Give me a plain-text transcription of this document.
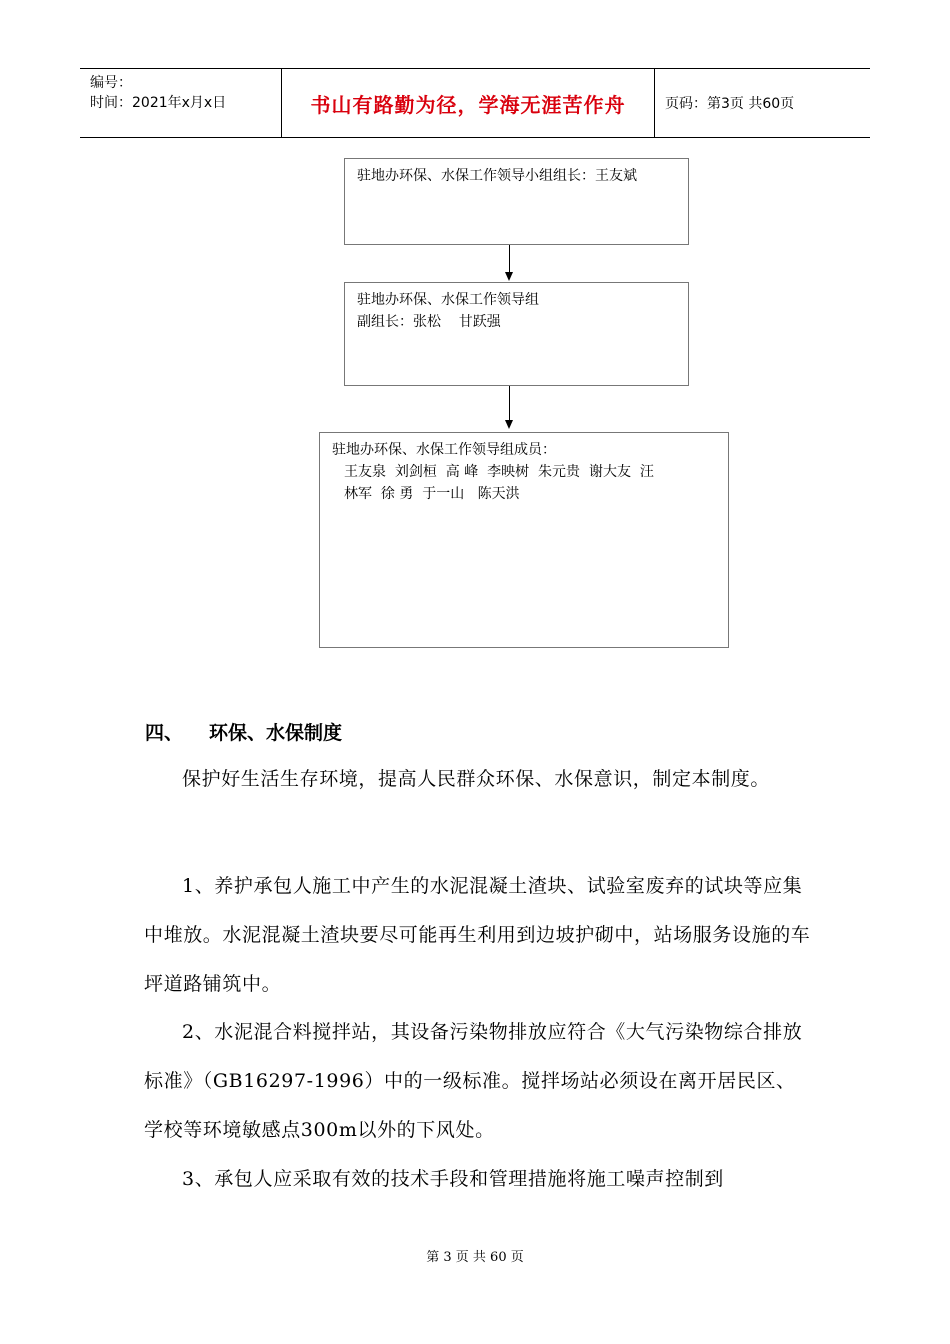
编号：
时间：2021年x月x日	书山有路勤为径，学海无涯苦作舟	页码：第3页 共60页
驻地办环保、水保工作领导小组组长：王友斌
驻地办环保、水保工作领导组
副组长：张松    甘跃强
驻地办环保、水保工作领导组成员：
王友泉  刘剑桓  高 峰  李映树  朱元贵  谢大友  汪
林军  徐 勇  于一山   陈天洪
四、 环保、水保制度
保护好生活生存环境，提高人民群众环保、水保意识，制定本制度。
1、养护承包人施工中产生的水泥混凝土渣块、试验室废弃的试块等应集中堆放。水泥混凝土渣块要尽可能再生利用到边坡护砌中，站场服务设施的车坪道路铺筑中。
2、水泥混合料搅拌站，其设备污染物排放应符合《大气污染物综合排放标准》（GB16297-1996）中的一级标准。搅拌场站必须设在离开居民区、学校等环境敏感点300m以外的下风处。
3、承包人应采取有效的技术手段和管理措施将施工噪声控制到
第 3 页 共 60 页
